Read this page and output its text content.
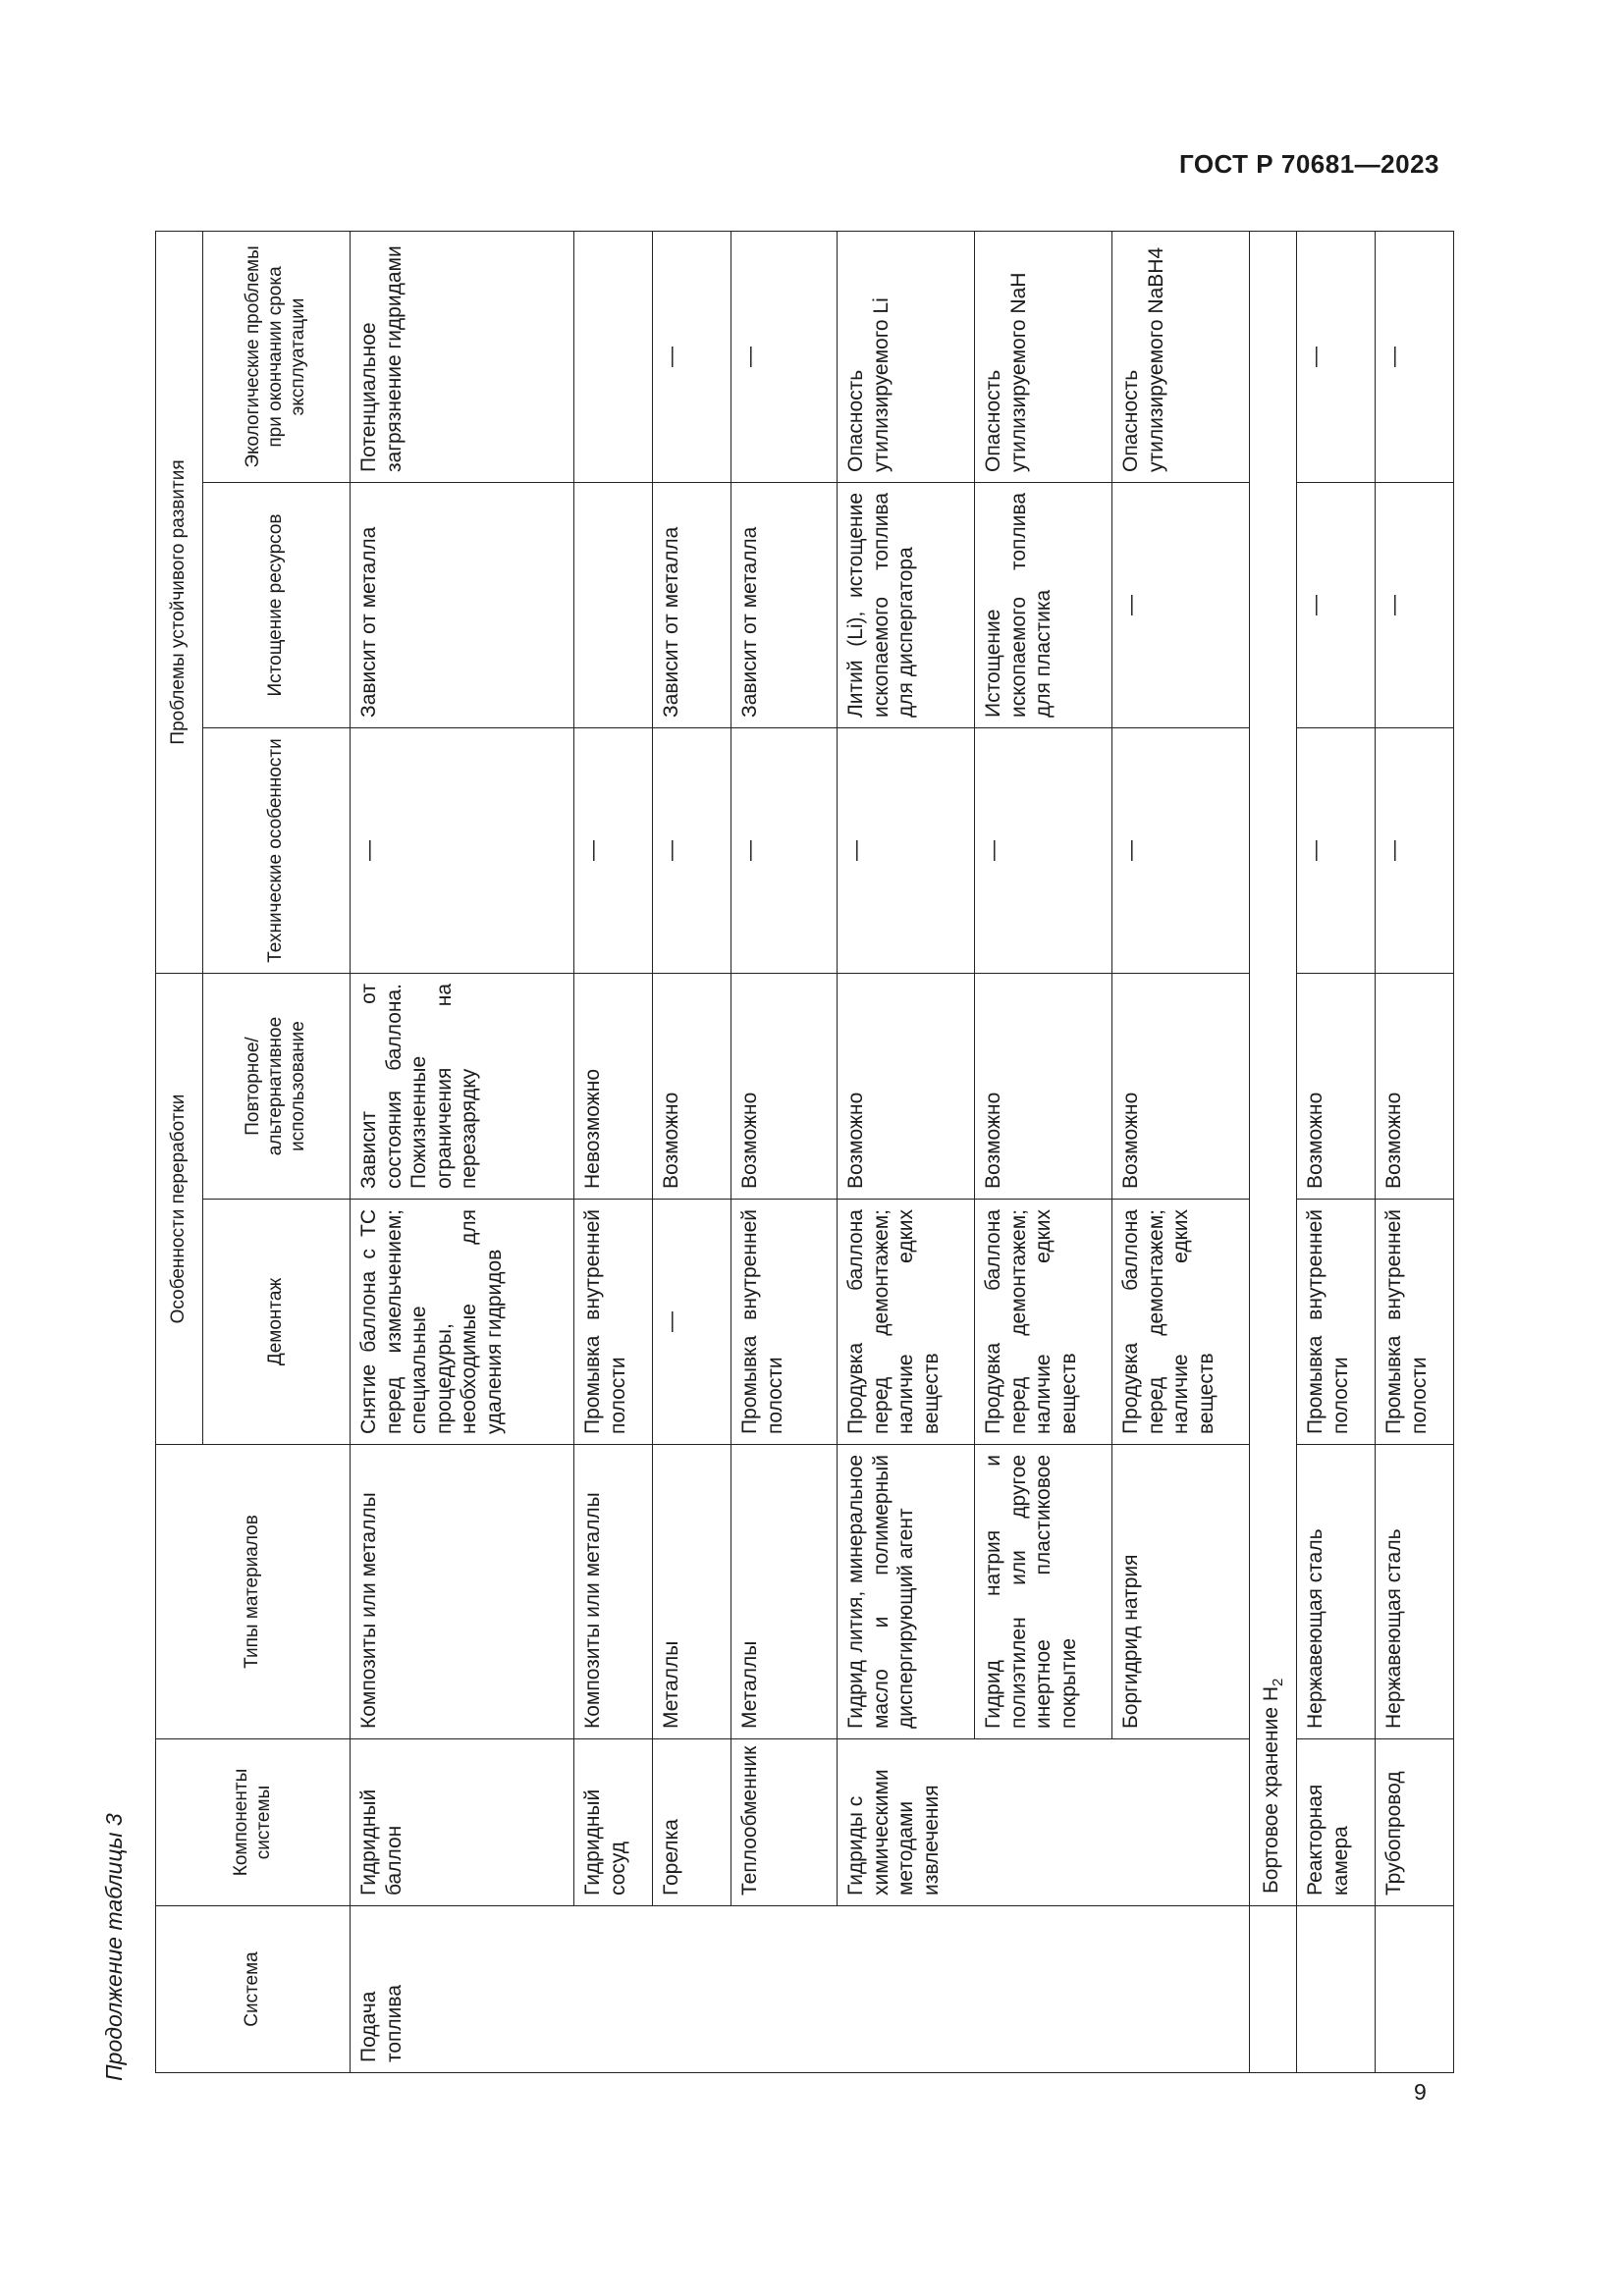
ГОСТ Р 70681—2023
Продолжение таблицы 3	Система	Компоненты системы	Типы материалов	Особенности переработки		Проблемы устойчивого развития		
			Демонтаж	Повторное/ альтернативное использование	Технические особенности	Истощение ресурсов	Экологические проблемы при окончании срока эксплуатации
Подача топлива	Гидридный баллон	Композиты или металлы	Снятие баллона с ТС перед измельчением; специальные процедуры, необходимые для удаления гидридов	Зависит от состояния баллона. Пожизненные ограничения на перезарядку	—	Зависит от металла	Потенциальное загрязнение гидридами
	Гидридный сосуд	Композиты или металлы	Промывка внутренней полости	Невозможно	—		
	Горелка	Металлы	—	Возможно	—	Зависит от металла	—
	Теплообменник	Металлы	Промывка внутренней полости	Возможно	—	Зависит от металла	—
	Гидриды с химическими методами извлечения	Гидрид лития, минеральное масло и полимерный диспергирующий агент	Продувка баллона перед демонтажем; наличие едких веществ	Возможно	—	Литий (Li), истощение ископаемого топлива для диспергатора	Опасность утилизируемого Li
		Гидрид натрия и полиэтилен или другое инертное пластиковое покрытие	Продувка баллона перед демонтажем; наличие едких веществ	Возможно	—	Истощение ископаемого топлива для пластика	Опасность утилизируемого NaH
		Боргидрид натрия	Продувка баллона перед демонтажем; наличие едких веществ	Возможно	—	—	Опасность утилизируемого NaBH4
	Бортовое хранение $H_2$
	Реакторная камера	Нержавеющая сталь	Промывка внутренней полости	Возможно	—	—	—
	Трубопровод	Нержавеющая сталь	Промывка внутренней полости	Возможно	—	—	—
9
